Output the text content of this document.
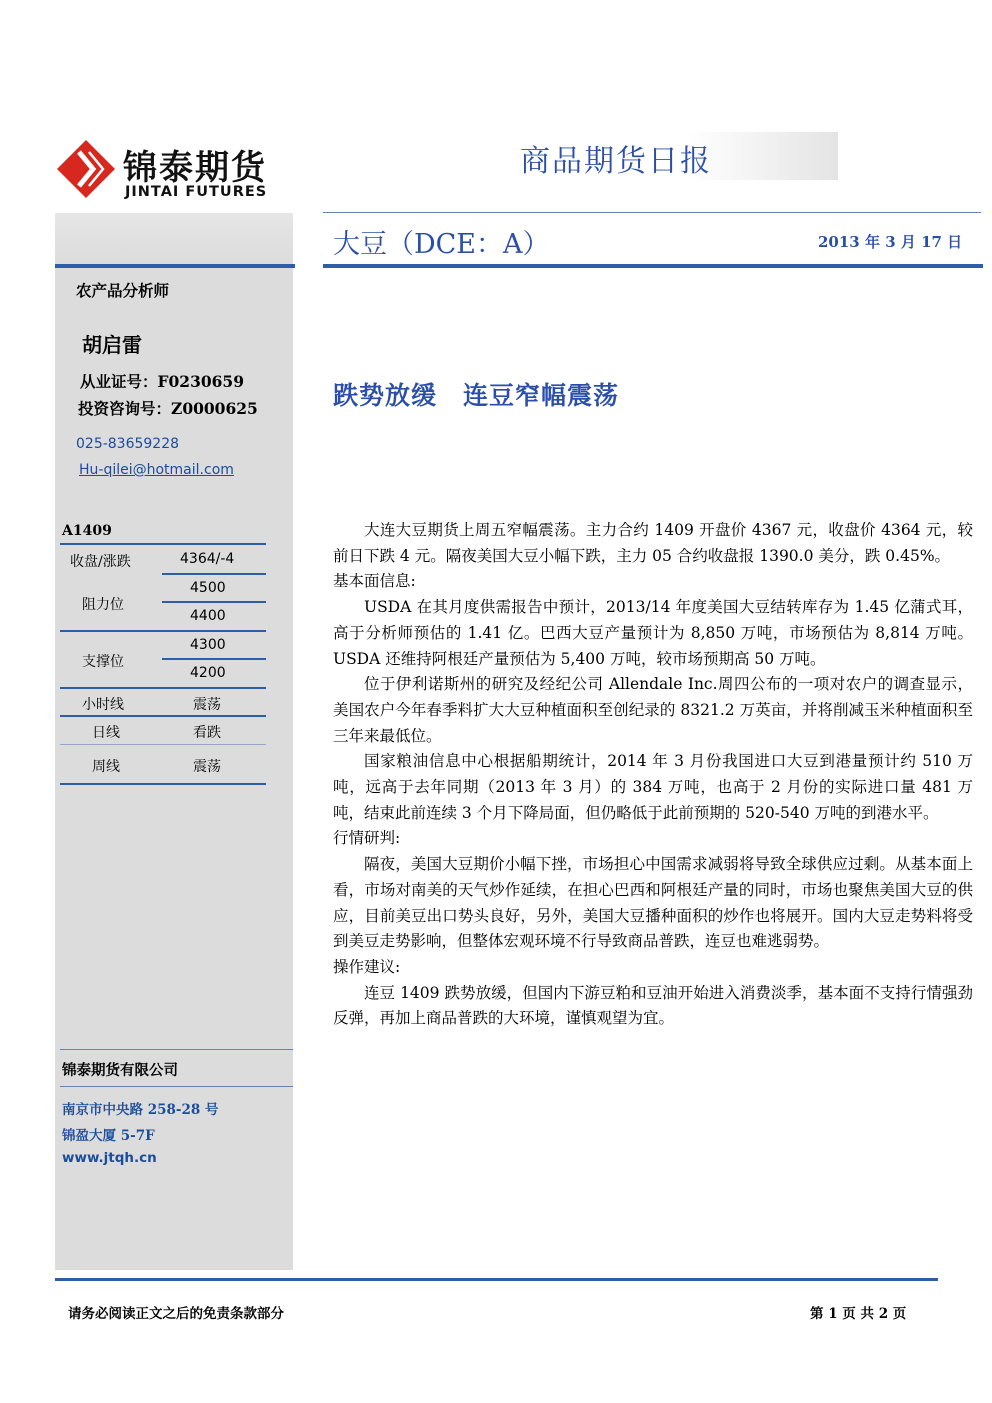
锦泰期货
JINTAI FUTURES
商品期货日报
大豆（DCE：A）	2013 年 3 月 17 日
农产品分析师
胡启雷
从业证号：F0230659
投资咨询号：Z0000625
025-83659228
Hu-qilei@hotmail.com
A1409
收盘/涨跌	4364/-4
阻力位
4500
4400
支撑位
4300
4200
小时线	震荡
日线	看跌
周线	震荡
跌势放缓　连豆窄幅震荡

大连大豆期货上周五窄幅震荡。主力合约 1409 开盘价 4367 元，收盘价 4364 元，较前日下跌 4 元。隔夜美国大豆小幅下跌，主力 05 合约收盘报 1390.0 美分，跌 0.45%。

基本面信息:

USDA 在其月度供需报告中预计，2013/14 年度美国大豆结转库存为 1.45 亿蒲式耳，高于分析师预估的 1.41 亿。巴西大豆产量预计为 8,850 万吨，市场预估为 8,814 万吨。USDA 还维持阿根廷产量预估为 5,400 万吨，较市场预期高 50 万吨。

位于伊利诺斯州的研究及经纪公司 Allendale Inc.周四公布的一项对农户的调查显示，美国农户今年春季料扩大大豆种植面积至创纪录的 8321.2 万英亩，并将削减玉米种植面积至三年来最低位。

国家粮油信息中心根据船期统计，2014 年 3 月份我国进口大豆到港量预计约 510 万吨，远高于去年同期（2013 年 3 月）的 384 万吨，也高于 2 月份的实际进口量 481 万吨，结束此前连续 3 个月下降局面，但仍略低于此前预期的 520-540 万吨的到港水平。

行情研判:

隔夜，美国大豆期价小幅下挫，市场担心中国需求减弱将导致全球供应过剩。从基本面上看，市场对南美的天气炒作延续，在担心巴西和阿根廷产量的同时，市场也聚焦美国大豆的供应，目前美豆出口势头良好，另外，美国大豆播种面积的炒作也将展开。国内大豆走势料将受到美豆走势影响，但整体宏观环境不行导致商品普跌，连豆也难逃弱势。

操作建议:

连豆 1409 跌势放缓，但国内下游豆粕和豆油开始进入消费淡季，基本面不支持行情强劲反弹，再加上商品普跌的大环境，谨慎观望为宜。

锦泰期货有限公司
南京市中央路 258-28 号
锦盈大厦 5-7F
www.jtqh.cn
请务必阅读正文之后的免责条款部分	第 1 页 共 2 页
